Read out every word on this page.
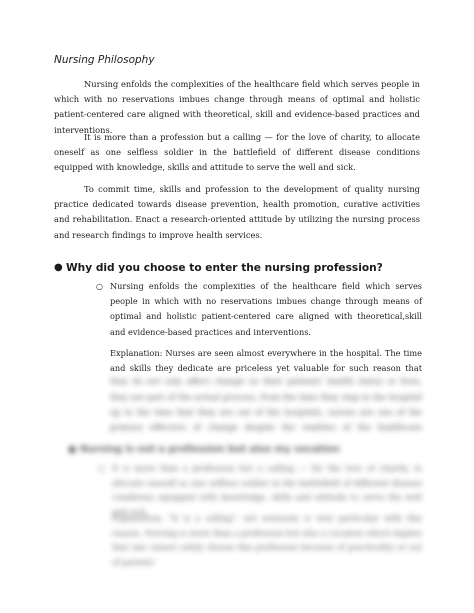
Nursing Philosophy
Nursing enfolds the complexities of the healthcare field which serves people in which with no reservations imbues change through means of optimal and holistic patient-centered care aligned with theoretical, skill and evidence-based practices and interventions.
It is more than a profession but a calling — for the love of charity, to allocate oneself as one selfless soldier in the battlefield of different disease conditions equipped with knowledge, skills and attitude to serve the well and sick.
To commit time, skills and profession to the development of quality nursing practice dedicated towards disease prevention, health promotion, curative activities and rehabilitation. Enact a research-oriented attitude by utilizing the nursing process and research findings to improve health services.
● Why did you choose to enter the nursing profession?
○ Nursing enfolds the complexities of the healthcare field which serves people in which with no reservations imbues change through means of optimal and holistic patient-centered care aligned with theoretical,skill and evidence-based practices and interventions.
Explanation: Nurses are seen almost everywhere in the hospital. The time and skills they dedicate are priceless yet valuable for such reason that
they do not only affect change on their patients' health status or lives, they are part of the actual process, from the time they step in the hospital up to the time that they are out of the hospitals, nurses are one of the primary effectors of change despite the realities of the healthcare
● Nursing is not a profession but also my vocation
○ It is more than a profession but a calling — for the love of charity, to allocate oneself as one selfless soldier in the battlefield of different disease conditions equipped with knowledge, skills and attitude to serve the well and sick.
Explanation: "It is a calling", not everyone is very particular with this reason. Nursing is more than a profession but also a vocation which implies that one cannot solely choose this profession because of practicality or out of parents'
